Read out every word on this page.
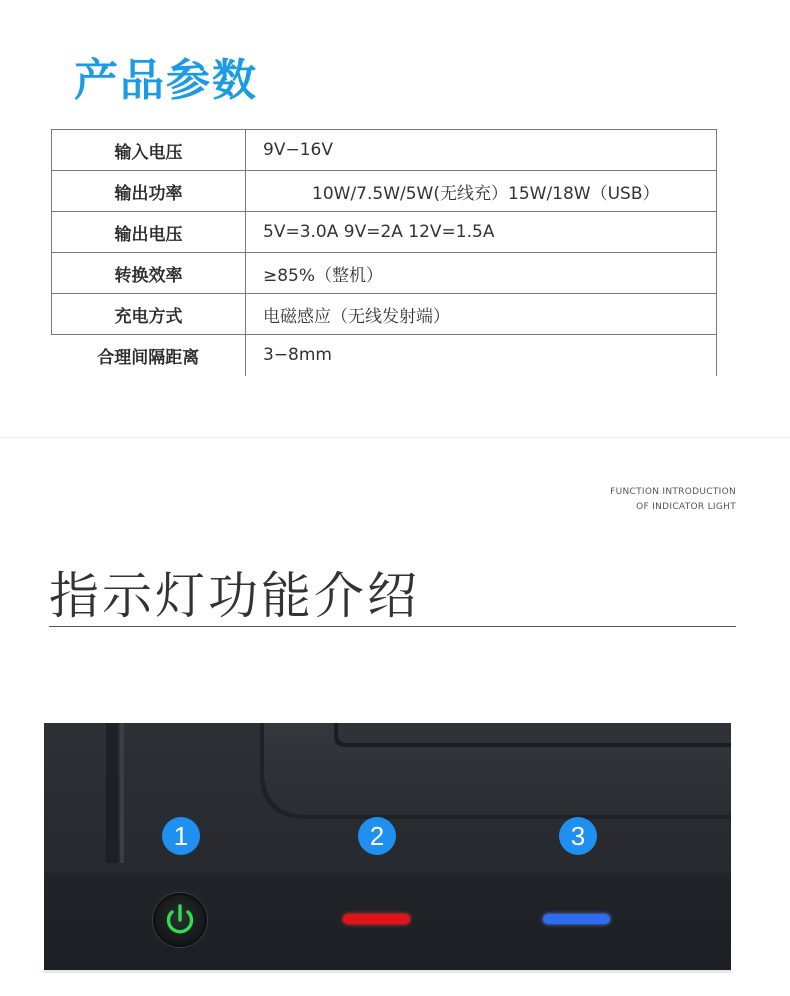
产品参数
输入电压	9V−16V
输出功率	10W/7.5W/5W(无线充）15W/18W（USB）
输出电压	5V=3.0A 9V=2A 12V=1.5A
转换效率	≥85%（整机）
充电方式	电磁感应（无线发射端）
合理间隔距离	3−8mm
FUNCTION INTRODUCTION
OF INDICATOR LIGHT
指示灯功能介绍
1	2	3
